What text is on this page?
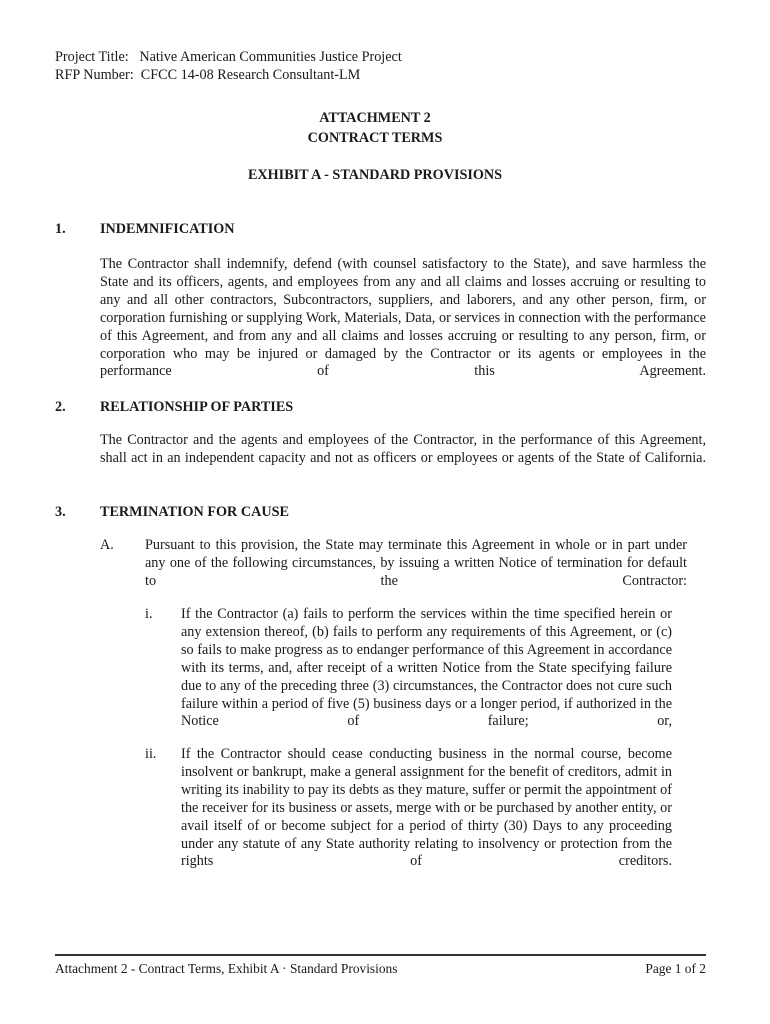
Project Title: Native American Communities Justice Project
RFP Number: CFCC 14-08 Research Consultant-LM
ATTACHMENT 2
CONTRACT TERMS
EXHIBIT A - STANDARD PROVISIONS
1. INDEMNIFICATION
The Contractor shall indemnify, defend (with counsel satisfactory to the State), and save harmless the State and its officers, agents, and employees from any and all claims and losses accruing or resulting to any and all other contractors, Subcontractors, suppliers, and laborers, and any other person, firm, or corporation furnishing or supplying Work, Materials, Data, or services in connection with the performance of this Agreement, and from any and all claims and losses accruing or resulting to any person, firm, or corporation who may be injured or damaged by the Contractor or its agents or employees in the performance of this Agreement.
2. RELATIONSHIP OF PARTIES
The Contractor and the agents and employees of the Contractor, in the performance of this Agreement, shall act in an independent capacity and not as officers or employees or agents of the State of California.
3. TERMINATION FOR CAUSE
A. Pursuant to this provision, the State may terminate this Agreement in whole or in part under any one of the following circumstances, by issuing a written Notice of termination for default to the Contractor:
i. If the Contractor (a) fails to perform the services within the time specified herein or any extension thereof, (b) fails to perform any requirements of this Agreement, or (c) so fails to make progress as to endanger performance of this Agreement in accordance with its terms, and, after receipt of a written Notice from the State specifying failure due to any of the preceding three (3) circumstances, the Contractor does not cure such failure within a period of five (5) business days or a longer period, if authorized in the Notice of failure; or,
ii. If the Contractor should cease conducting business in the normal course, become insolvent or bankrupt, make a general assignment for the benefit of creditors, admit in writing its inability to pay its debts as they mature, suffer or permit the appointment of the receiver for its business or assets, merge with or be purchased by another entity, or avail itself of or become subject for a period of thirty (30) Days to any proceeding under any statute of any State authority relating to insolvency or protection from the rights of creditors.
Attachment 2 - Contract Terms, Exhibit A · Standard Provisions	Page 1 of 2
